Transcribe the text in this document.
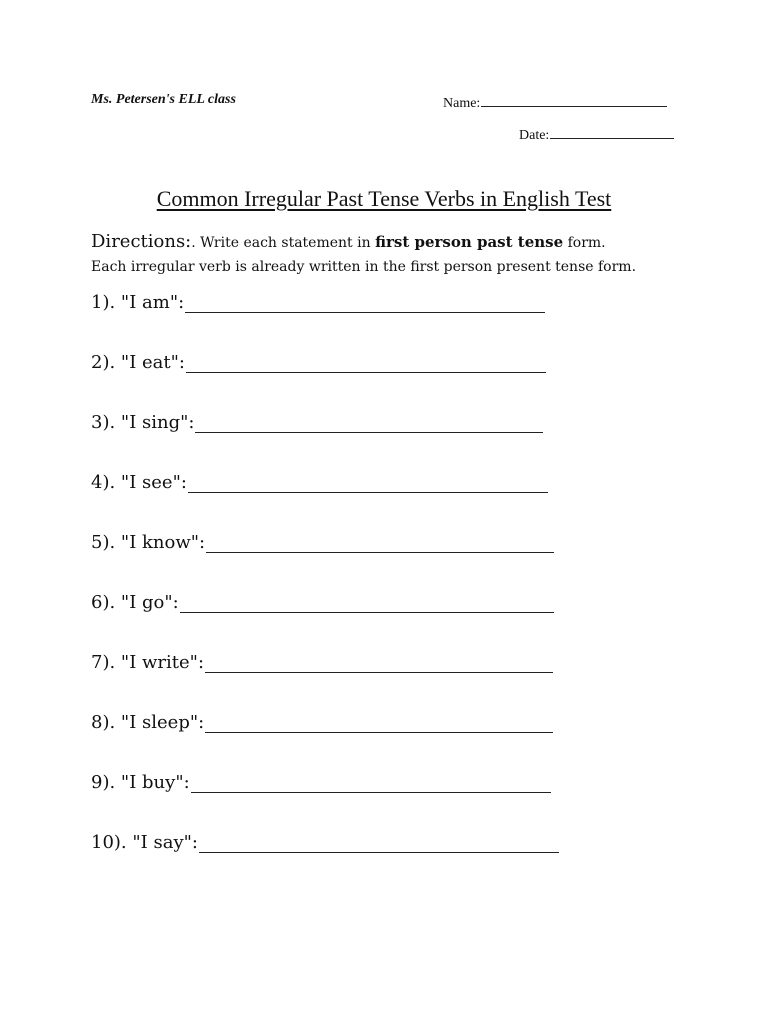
Ms. Petersen's ELL class	Name:
Date:
Common Irregular Past Tense Verbs in English Test
Directions:. Write each statement in first person past tense form.
Each irregular verb is already written in the first person present tense form.
1). "I am":
2). "I eat":
3). "I sing":
4). "I see":
5). "I know":
6). "I go":
7). "I write":
8). "I sleep":
9). "I buy":
10). "I say":
